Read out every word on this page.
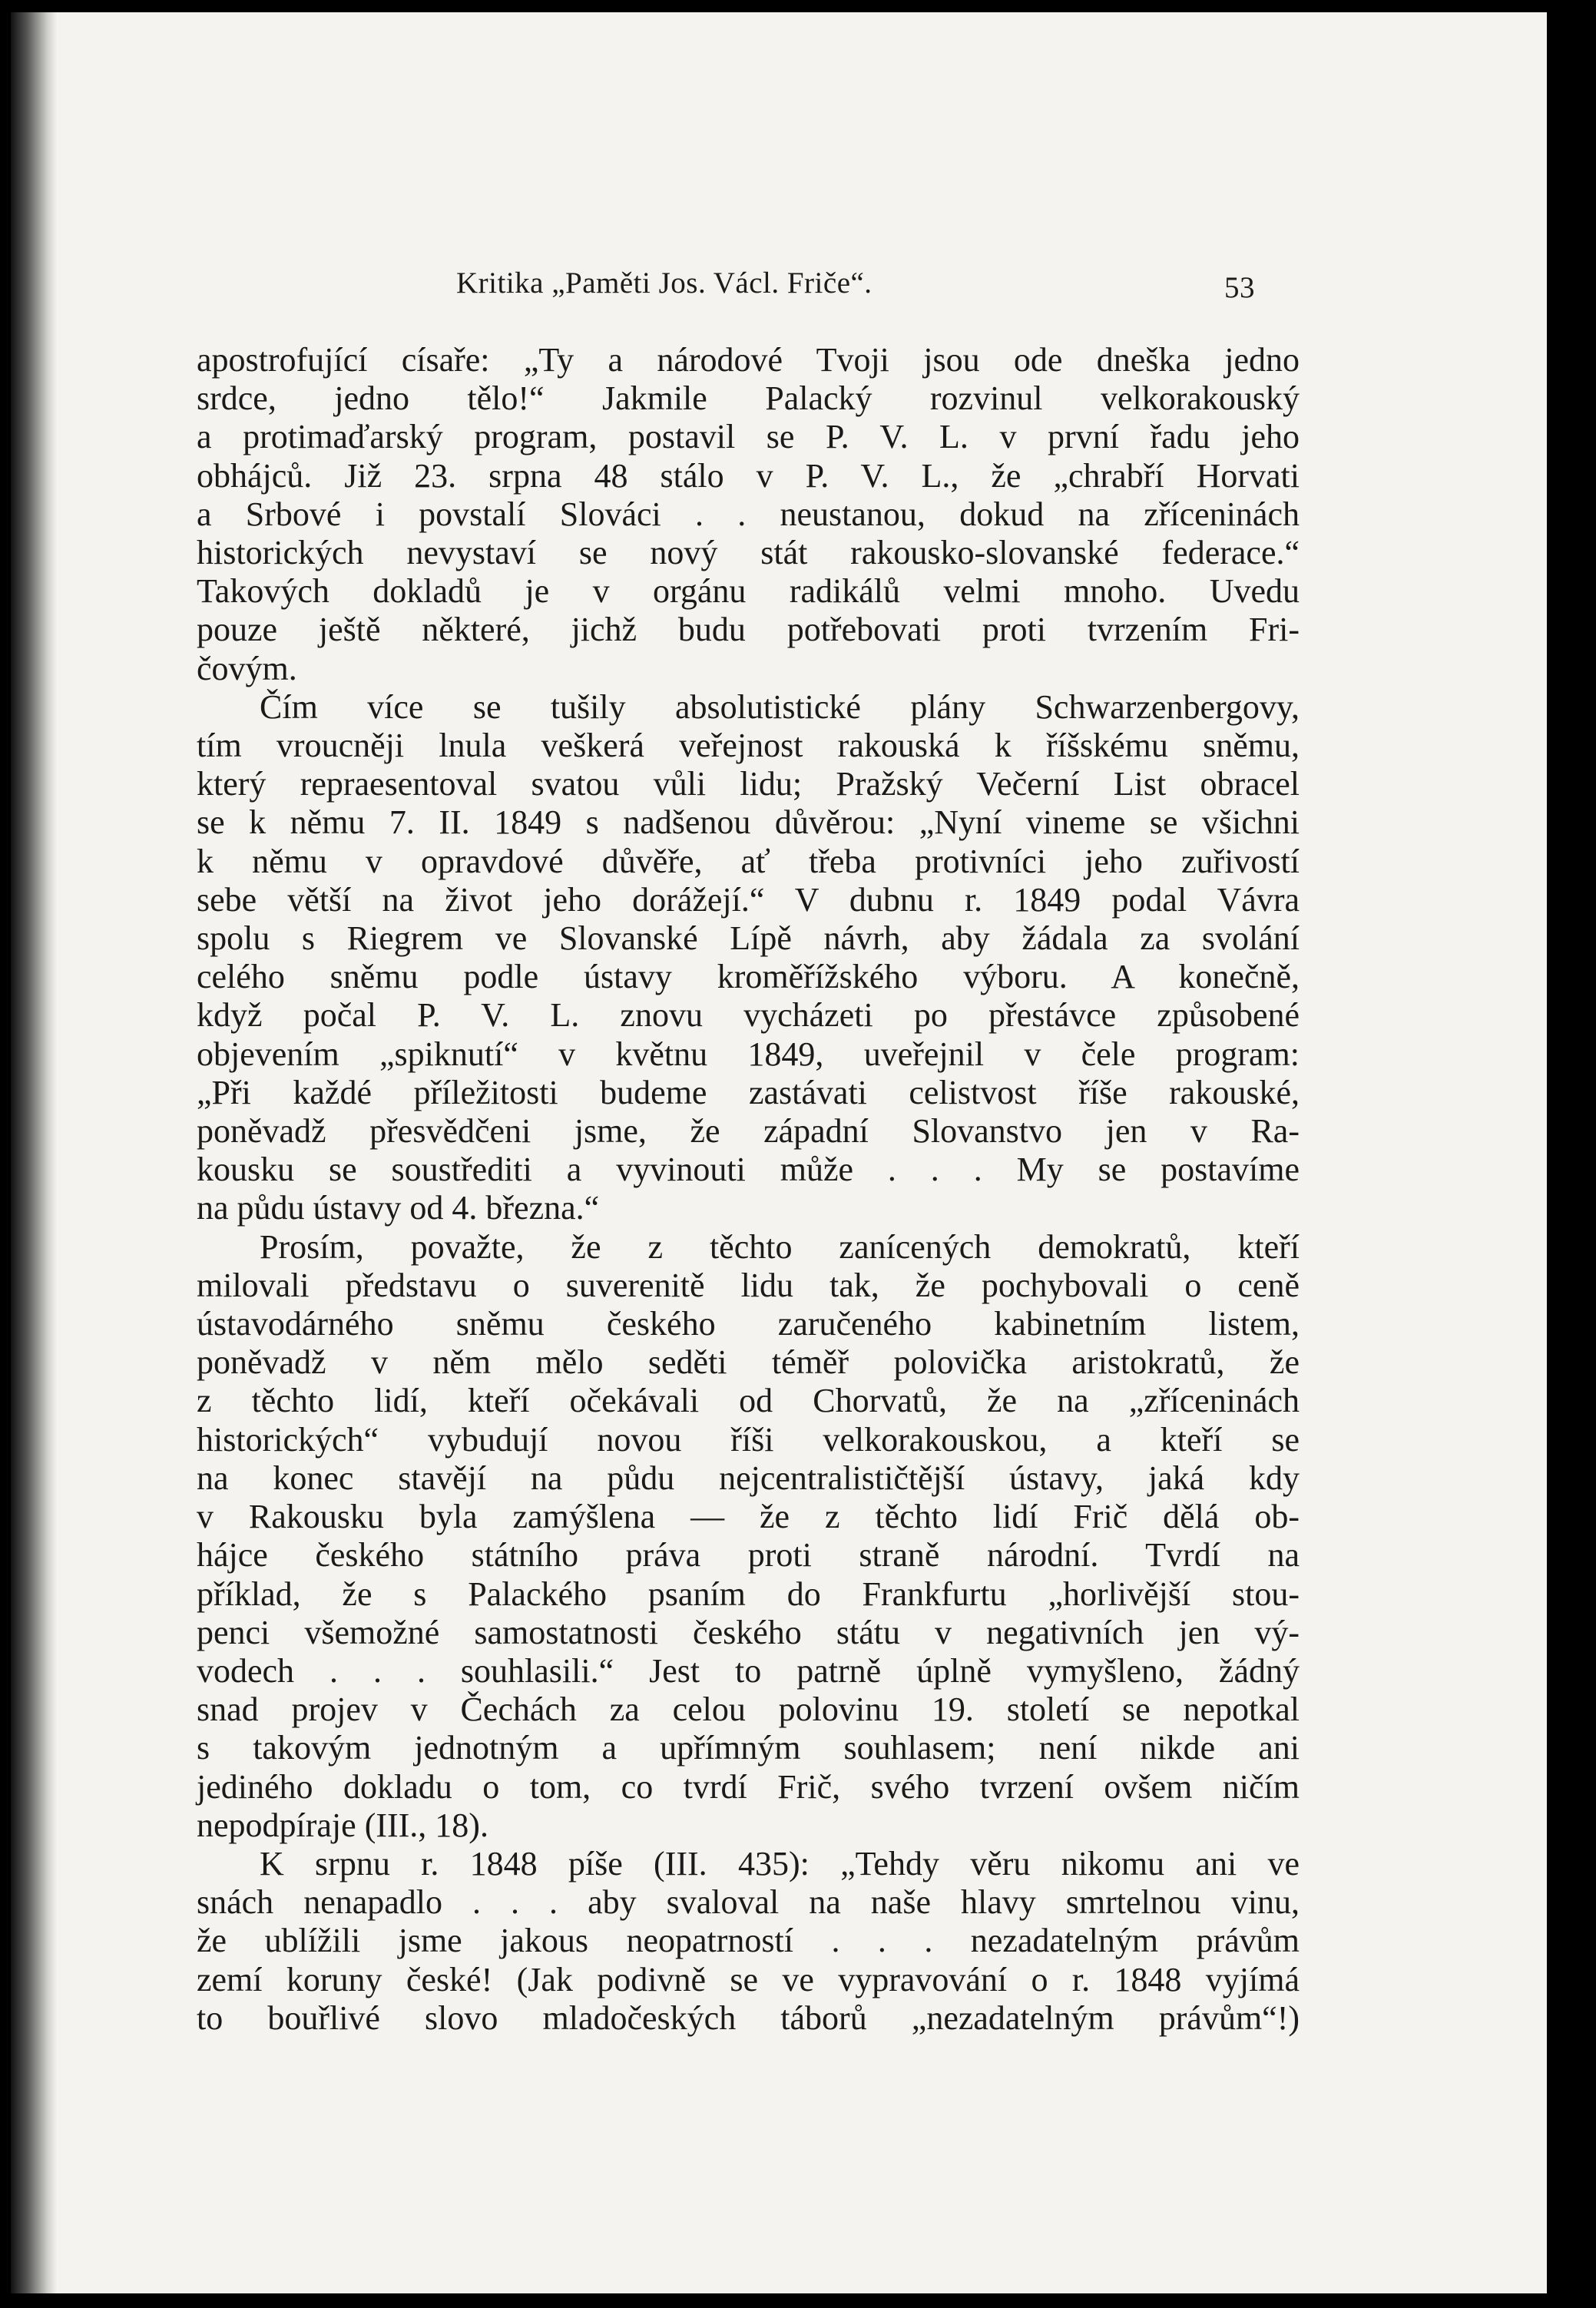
Kritika „Paměti Jos. Václ. Friče“.	53

apostrofující císaře: „Ty a národové Tvoji jsou ode dneška jedno

srdce, jedno tělo!“ Jakmile Palacký rozvinul velkorakouský

a protimaďarský program, postavil se P. V. L. v první řadu jeho

obhájců. Již 23. srpna 48 stálo v P. V. L., že „chrabří Horvati

a Srbové i povstalí Slováci . . neustanou, dokud na zříceninách

historických nevystaví se nový stát rakousko-slovanské federace.“

Takových dokladů je v orgánu radikálů velmi mnoho. Uvedu

pouze ještě některé, jichž budu potřebovati proti tvrzením Fri-

čovým.

Čím více se tušily absolutistické plány Schwarzenbergovy,

tím vroucněji lnula veškerá veřejnost rakouská k říšskému sněmu,

který repraesentoval svatou vůli lidu; Pražský Večerní List obracel

se k němu 7. II. 1849 s nadšenou důvěrou: „Nyní vineme se všichni

k němu v opravdové důvěře, ať třeba protivníci jeho zuřivostí

sebe větší na život jeho dorážejí.“ V dubnu r. 1849 podal Vávra

spolu s Riegrem ve Slovanské Lípě návrh, aby žádala za svolání

celého sněmu podle ústavy kroměřížského výboru. A konečně,

když počal P. V. L. znovu vycházeti po přestávce způsobené

objevením „spiknutí“ v květnu 1849, uveřejnil v čele program:

„Při každé příležitosti budeme zastávati celistvost říše rakouské,

poněvadž přesvědčeni jsme, že západní Slovanstvo jen v Ra-

kousku se soustřediti a vyvinouti může . . . My se postavíme

na půdu ústavy od 4. března.“

Prosím, považte, že z těchto zanícených demokratů, kteří

milovali představu o suverenitě lidu tak, že pochybovali o ceně

ústavodárného sněmu českého zaručeného kabinetním listem,

poněvadž v něm mělo seděti téměř polovička aristokratů, že

z těchto lidí, kteří očekávali od Chorvatů, že na „zříceninách

historických“ vybudují novou říši velkorakouskou, a kteří se

na konec stavějí na půdu nejcentralističtější ústavy, jaká kdy

v Rakousku byla zamýšlena — že z těchto lidí Frič dělá ob-

hájce českého státního práva proti straně národní. Tvrdí na

příklad, že s Palackého psaním do Frankfurtu „horlivější stou-

penci všemožné samostatnosti českého státu v negativních jen vý-

vodech . . . souhlasili.“ Jest to patrně úplně vymyšleno, žádný

snad projev v Čechách za celou polovinu 19. století se nepotkal

s takovým jednotným a upřímným souhlasem; není nikde ani

jediného dokladu o tom, co tvrdí Frič, svého tvrzení ovšem ničím

nepodpíraje (III., 18).

K srpnu r. 1848 píše (III. 435): „Tehdy věru nikomu ani ve

snách nenapadlo . . . aby svaloval na naše hlavy smrtelnou vinu,

že ublížili jsme jakous neopatrností . . . nezadatelným právům

zemí koruny české! (Jak podivně se ve vypravování o r. 1848 vyjímá

to bouřlivé slovo mladočeských táborů „nezadatelným právům“!)
